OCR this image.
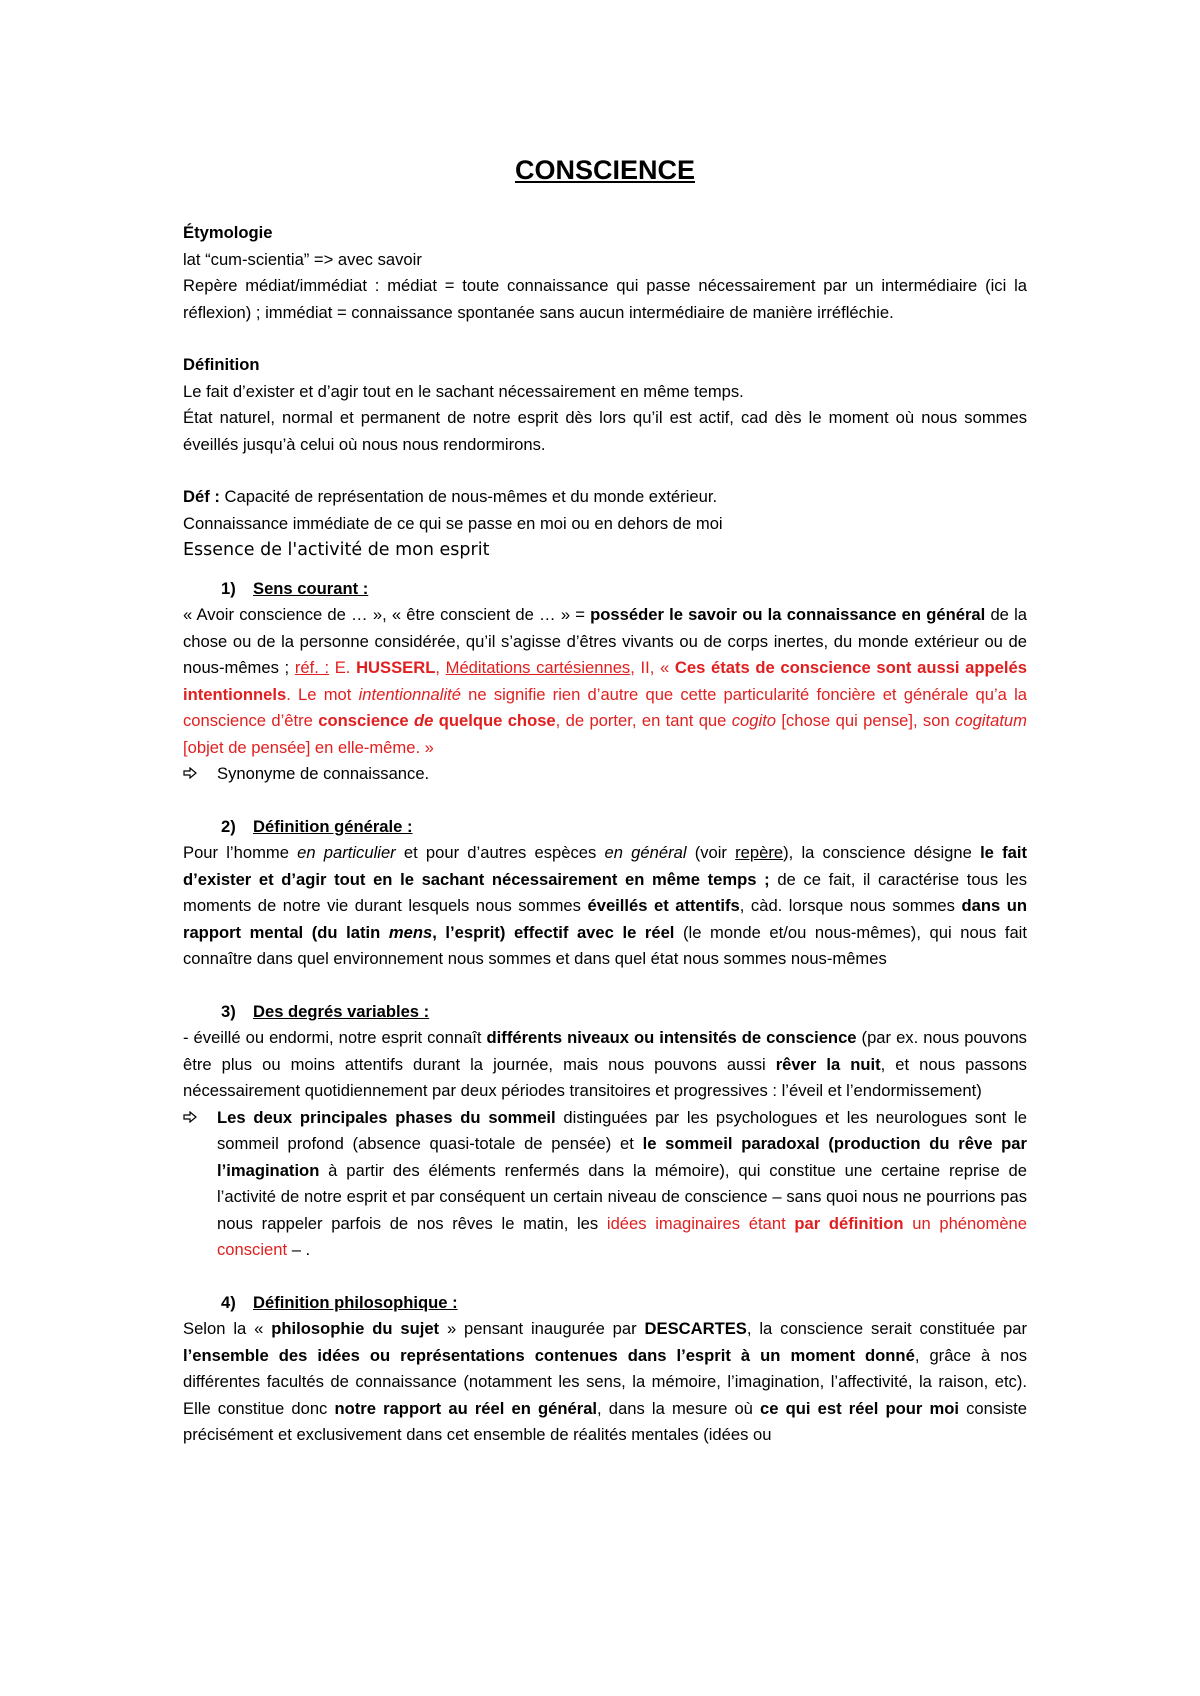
CONSCIENCE

Étymologie

lat “cum-scientia” => avec savoir

Repère médiat/immédiat : médiat = toute connaissance qui passe nécessairement par un intermédiaire (ici la réflexion) ; immédiat = connaissance spontanée sans aucun intermédiaire de manière irréfléchie.

Définition

Le fait d’exister et d’agir tout en le sachant nécessairement en même temps.

État naturel, normal et permanent de notre esprit dès lors qu’il est actif, cad dès le moment où nous sommes éveillés jusqu’à celui où nous nous rendormirons.

Déf : Capacité de représentation de nous-mêmes et du monde extérieur.

Connaissance immédiate de ce qui se passe en moi ou en dehors de moi

Essence de l'activité de mon esprit

1) Sens courant :

« Avoir conscience de … », « être conscient de … » = posséder le savoir ou la connaissance en général de la chose ou de la personne considérée, qu’il s’agisse d’êtres vivants ou de corps inertes, du monde extérieur ou de nous-mêmes ; réf. : E. HUSSERL, Méditations cartésiennes, II, « Ces états de conscience sont aussi appelés intentionnels. Le mot intentionnalité ne signifie rien d’autre que cette particularité foncière et générale qu’a la conscience d’être conscience de quelque chose, de porter, en tant que cogito [chose qui pense], son cogitatum [objet de pensée] en elle-même. »

Synonyme de connaissance.

2) Définition générale :

Pour l’homme en particulier et pour d’autres espèces en général (voir repère), la conscience désigne le fait d’exister et d’agir tout en le sachant nécessairement en même temps ; de ce fait, il caractérise tous les moments de notre vie durant lesquels nous sommes éveillés et attentifs, càd. lorsque nous sommes dans un rapport mental (du latin mens, l’esprit) effectif avec le réel (le monde et/ou nous-mêmes), qui nous fait connaître dans quel environnement nous sommes et dans quel état nous sommes nous-mêmes

3) Des degrés variables :

- éveillé ou endormi, notre esprit connaît différents niveaux ou intensités de conscience (par ex. nous pouvons être plus ou moins attentifs durant la journée, mais nous pouvons aussi rêver la nuit, et nous passons nécessairement quotidiennement par deux périodes transitoires et progressives : l’éveil et l’endormissement)

Les deux principales phases du sommeil distinguées par les psychologues et les neurologues sont le sommeil profond (absence quasi-totale de pensée) et le sommeil paradoxal (production du rêve par l’imagination à partir des éléments renfermés dans la mémoire), qui constitue une certaine reprise de l’activité de notre esprit et par conséquent un certain niveau de conscience – sans quoi nous ne pourrions pas nous rappeler parfois de nos rêves le matin, les idées imaginaires étant par définition un phénomène conscient – .

4) Définition philosophique :

Selon la « philosophie du sujet » pensant inaugurée par DESCARTES, la conscience serait constituée par l’ensemble des idées ou représentations contenues dans l’esprit à un moment donné, grâce à nos différentes facultés de connaissance (notamment les sens, la mémoire, l’imagination, l’affectivité, la raison, etc). Elle constitue donc notre rapport au réel en général, dans la mesure où ce qui est réel pour moi consiste précisément et exclusivement dans cet ensemble de réalités mentales (idées ou
